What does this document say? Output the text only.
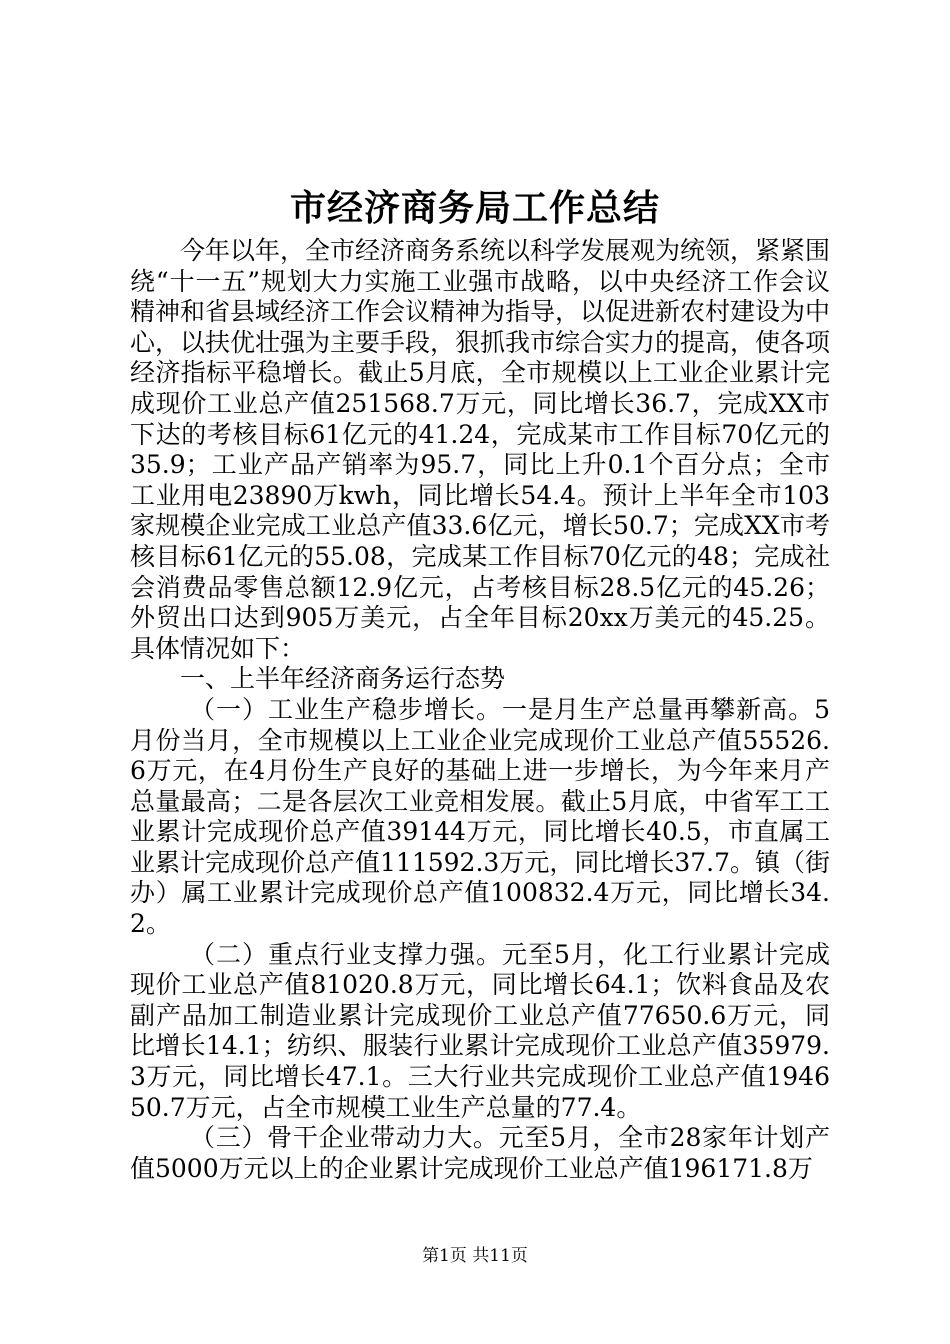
市经济商务局工作总结

今年以年，全市经济商务系统以科学发展观为统领，紧紧围绕“十一五”规划大力实施工业强市战略，以中央经济工作会议精神和省县域经济工作会议精神为指导，以促进新农村建设为中心，以扶优壮强为主要手段，狠抓我市综合实力的提高，使各项经济指标平稳增长。截止5月底，全市规模以上工业企业累计完成现价工业总产值251568.7万元，同比增长36.7，完成XX市下达的考核目标61亿元的41.24，完成某市工作目标70亿元的35.9；工业产品产销率为95.7，同比上升0.1个百分点；全市工业用电23890万kwh，同比增长54.4。预计上半年全市103家规模企业完成工业总产值33.6亿元，增长50.7；完成XX市考核目标61亿元的55.08，完成某工作目标70亿元的48；完成社会消费品零售总额12.9亿元，占考核目标28.5亿元的45.26；外贸出口达到905万美元，占全年目标20xx万美元的45.25。具体情况如下：

一、上半年经济商务运行态势

（一）工业生产稳步增长。一是月生产总量再攀新高。5月份当月，全市规模以上工业企业完成现价工业总产值55526.6万元，在4月份生产良好的基础上进一步增长，为今年来月产总量最高；二是各层次工业竞相发展。截止5月底，中省军工工业累计完成现价总产值39144万元，同比增长40.5，市直属工业累计完成现价总产值111592.3万元，同比增长37.7。镇（街办）属工业累计完成现价总产值100832.4万元，同比增长34.2。

（二）重点行业支撑力强。元至5月，化工行业累计完成现价工业总产值81020.8万元，同比增长64.1；饮料食品及农副产品加工制造业累计完成现价工业总产值77650.6万元，同比增长14.1；纺织、服装行业累计完成现价工业总产值35979.3万元，同比增长47.1。三大行业共完成现价工业总产值194650.7万元，占全市规模工业生产总量的77.4。

（三）骨干企业带动力大。元至5月，全市28家年计划产值5000万元以上的企业累计完成现价工业总产值196171.8万

第1页 共11页
